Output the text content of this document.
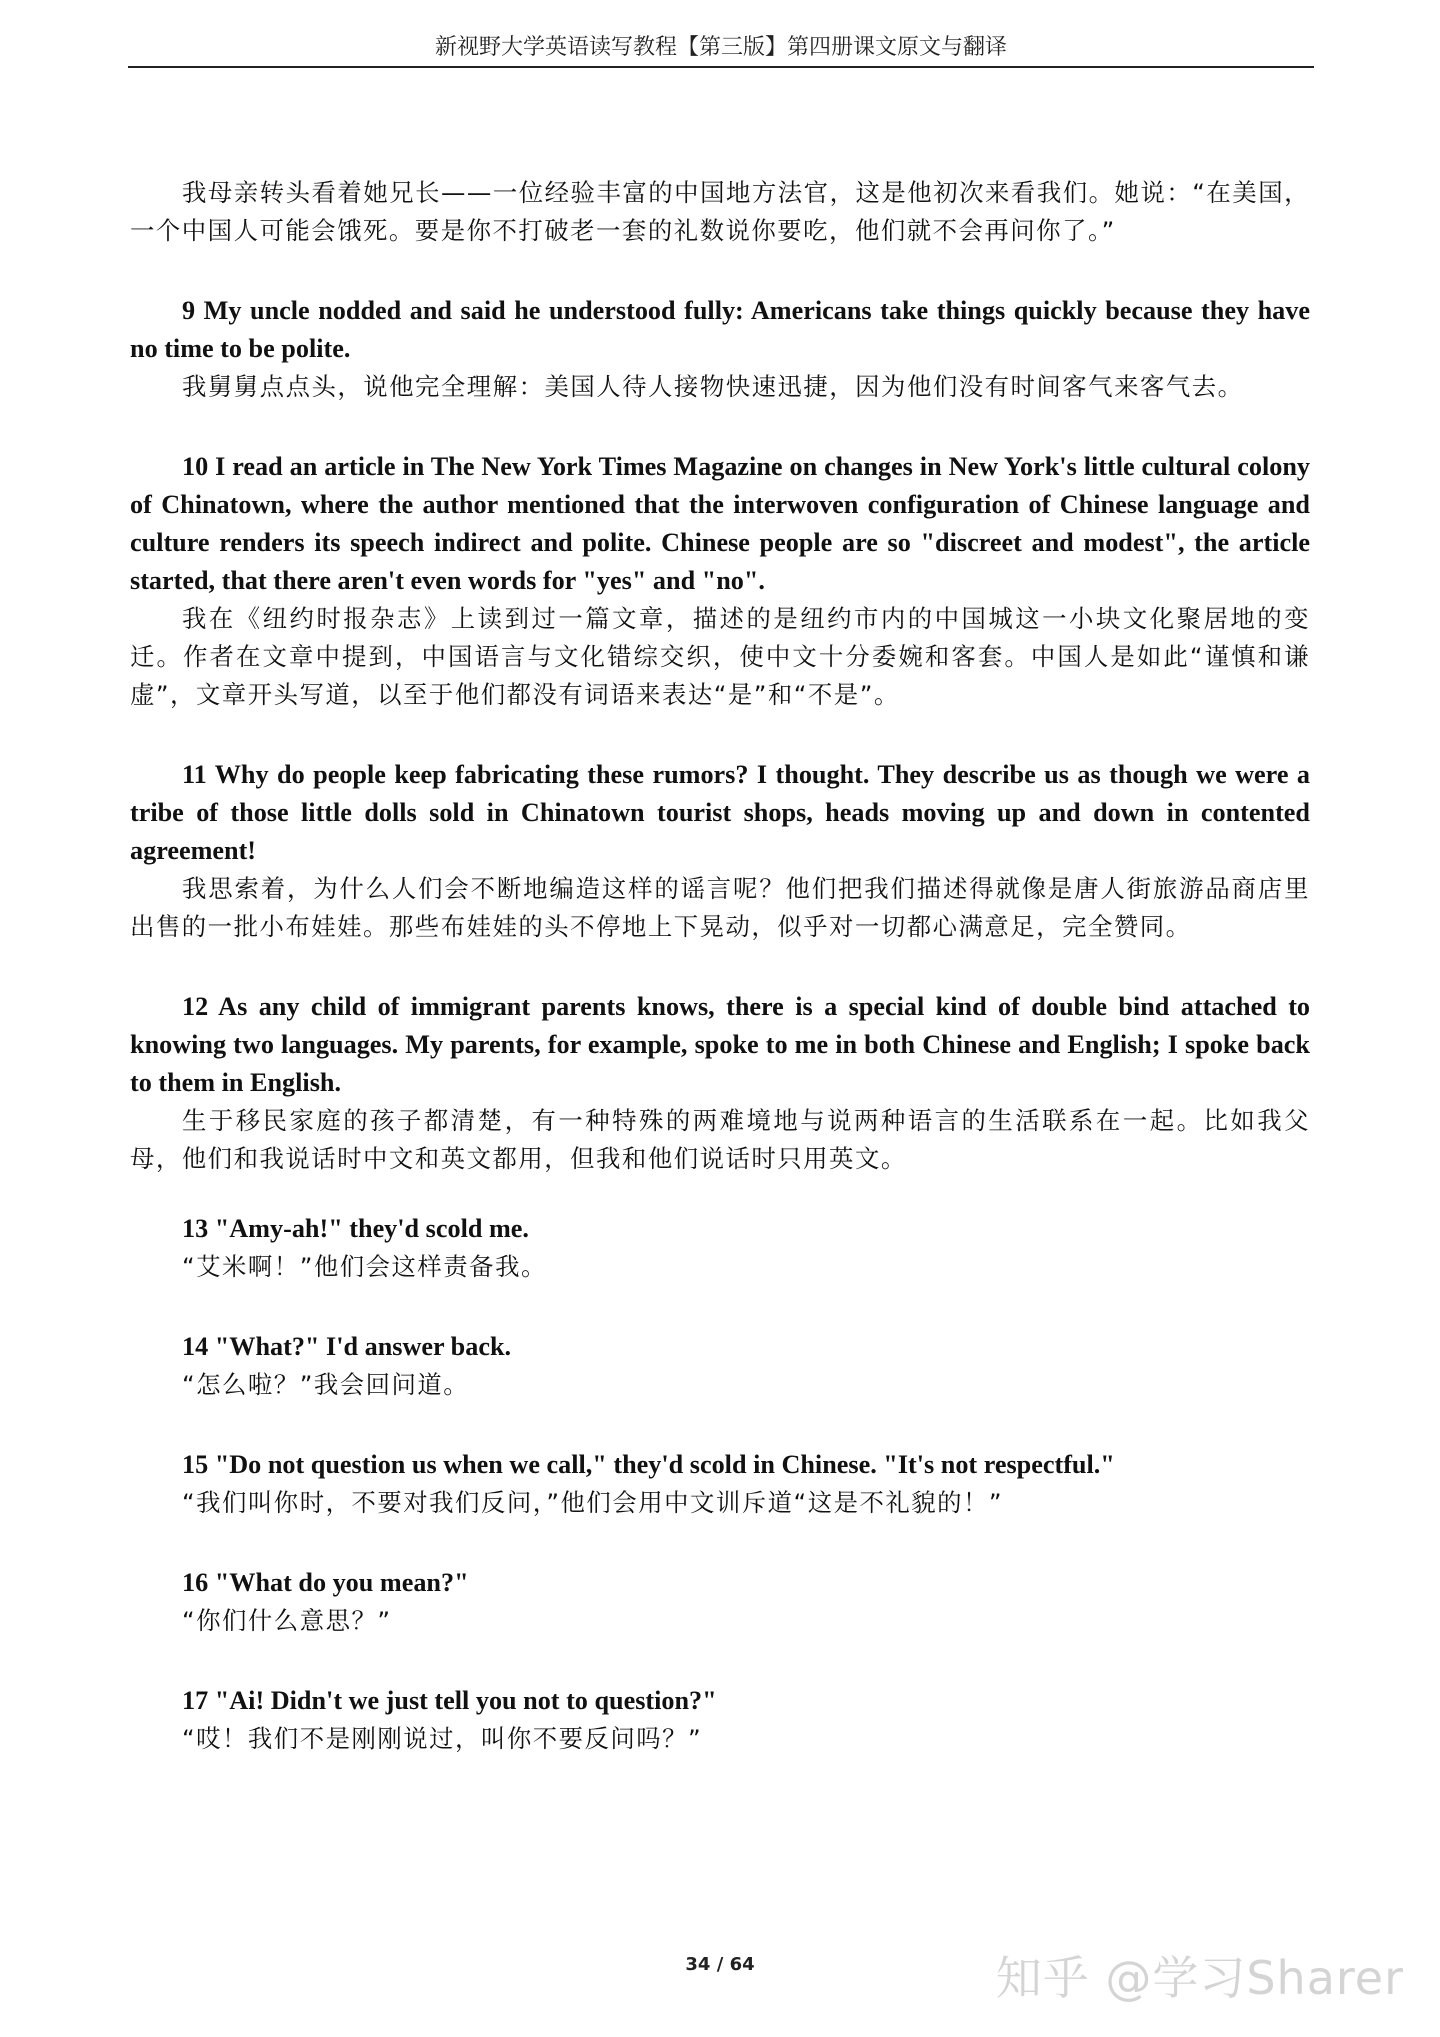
新视野大学英语读写教程【第三版】第四册课文原文与翻译

我母亲转头看着她兄长——一位经验丰富的中国地方法官，这是他初次来看我们。她说：“在美国，一个中国人可能会饿死。要是你不打破老一套的礼数说你要吃，他们就不会再问你了。”

9 My uncle nodded and said he understood fully: Americans take things quickly because they have no time to be polite.

我舅舅点点头，说他完全理解：美国人待人接物快速迅捷，因为他们没有时间客气来客气去。

10 I read an article in The New York Times Magazine on changes in New York's little cultural colony of Chinatown, where the author mentioned that the interwoven configuration of Chinese language and culture renders its speech indirect and polite. Chinese people are so "discreet and modest", the article started, that there aren't even words for "yes" and "no".

我在《纽约时报杂志》上读到过一篇文章，描述的是纽约市内的中国城这一小块文化聚居地的变迁。作者在文章中提到，中国语言与文化错综交织，使中文十分委婉和客套。中国人是如此“谨慎和谦虚”，文章开头写道，以至于他们都没有词语来表达“是”和“不是”。

11 Why do people keep fabricating these rumors? I thought. They describe us as though we were a tribe of those little dolls sold in Chinatown tourist shops, heads moving up and down in contented agreement!

我思索着，为什么人们会不断地编造这样的谣言呢？他们把我们描述得就像是唐人街旅游品商店里出售的一批小布娃娃。那些布娃娃的头不停地上下晃动，似乎对一切都心满意足，完全赞同。

12 As any child of immigrant parents knows, there is a special kind of double bind attached to knowing two languages. My parents, for example, spoke to me in both Chinese and English; I spoke back to them in English.

生于移民家庭的孩子都清楚，有一种特殊的两难境地与说两种语言的生活联系在一起。比如我父母，他们和我说话时中文和英文都用，但我和他们说话时只用英文。

13 "Amy-ah!" they'd scold me.

“艾米啊！”他们会这样责备我。

14 "What?" I'd answer back.

“怎么啦？”我会回问道。

15 "Do not question us when we call," they'd scold in Chinese. "It's not respectful."

“我们叫你时，不要对我们反问，”他们会用中文训斥道“这是不礼貌的！”

16 "What do you mean?"

“你们什么意思？”

17 "Ai! Didn't we just tell you not to question?"

“哎！我们不是刚刚说过，叫你不要反问吗？”

34 / 64	知乎 @学习Sharer
